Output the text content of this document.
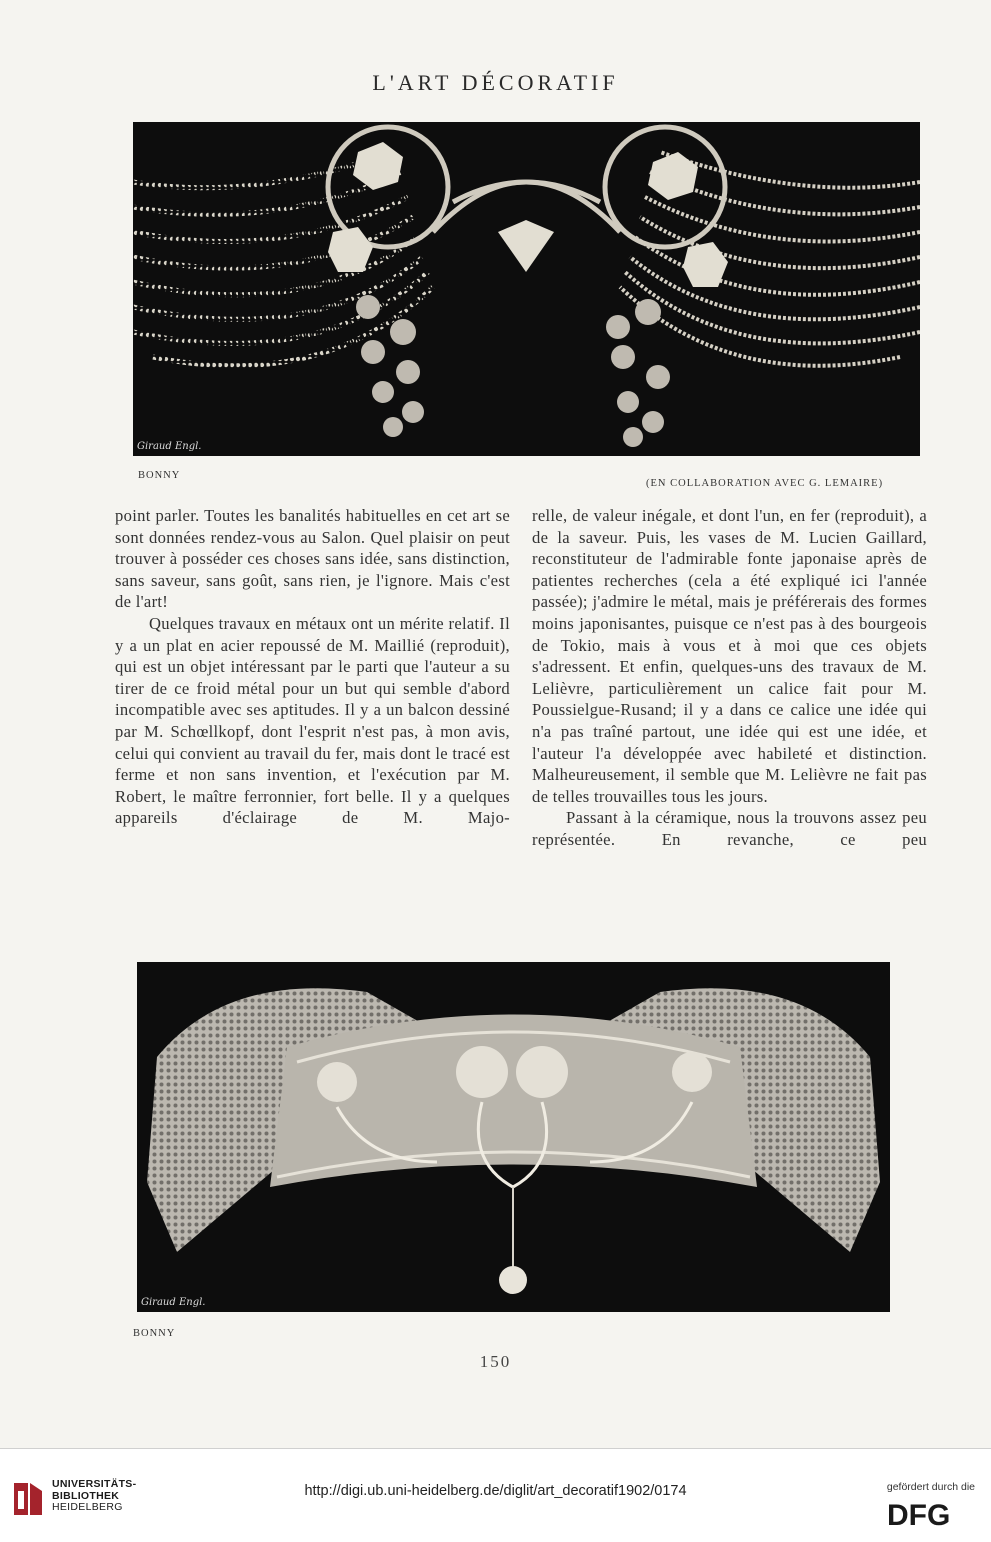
L'ART DÉCORATIF
Giraud Engl.
BONNY
(EN COLLABORATION AVEC G. LEMAIRE)

point parler. Toutes les banalités habituelles en cet art se sont données rendez-vous au Salon. Quel plaisir on peut trouver à posséder ces choses sans idée, sans distinction, sans saveur, sans goût, sans rien, je l'ignore. Mais c'est de l'art!

Quelques travaux en métaux ont un mérite relatif. Il y a un plat en acier repoussé de M. Maillié (reproduit), qui est un objet intéressant par le parti que l'auteur a su tirer de ce froid métal pour un but qui semble d'abord incompatible avec ses aptitudes. Il y a un balcon dessiné par M. Schœllkopf, dont l'esprit n'est pas, à mon avis, celui qui convient au travail du fer, mais dont le tracé est ferme et non sans invention, et l'exécution par M. Robert, le maître ferronnier, fort belle. Il y a quelques appareils d'éclairage de M. Majo-

relle, de valeur inégale, et dont l'un, en fer (reproduit), a de la saveur. Puis, les vases de M. Lucien Gaillard, reconstituteur de l'admirable fonte japonaise après de patientes recherches (cela a été expliqué ici l'année passée); j'admire le métal, mais je préférerais des formes moins japonisantes, puisque ce n'est pas à des bourgeois de Tokio, mais à vous et à moi que ces objets s'adressent. Et enfin, quelques-uns des travaux de M. Lelièvre, particulièrement un calice fait pour M. Poussielgue-Rusand; il y a dans ce calice une idée qui n'a pas traîné partout, une idée qui est une idée, et l'auteur l'a développée avec habileté et distinction. Malheureusement, il semble que M. Lelièvre ne fait pas de telles trouvailles tous les jours.

Passant à la céramique, nous la trouvons assez peu représentée. En revanche, ce peu

Giraud Engl.
BONNY
150
UNIVERSITÄTS-
BIBLIOTHEK
HEIDELBERG
http://digi.ub.uni-heidelberg.de/diglit/art_decoratif1902/0174	gefördert durch die
DFG
